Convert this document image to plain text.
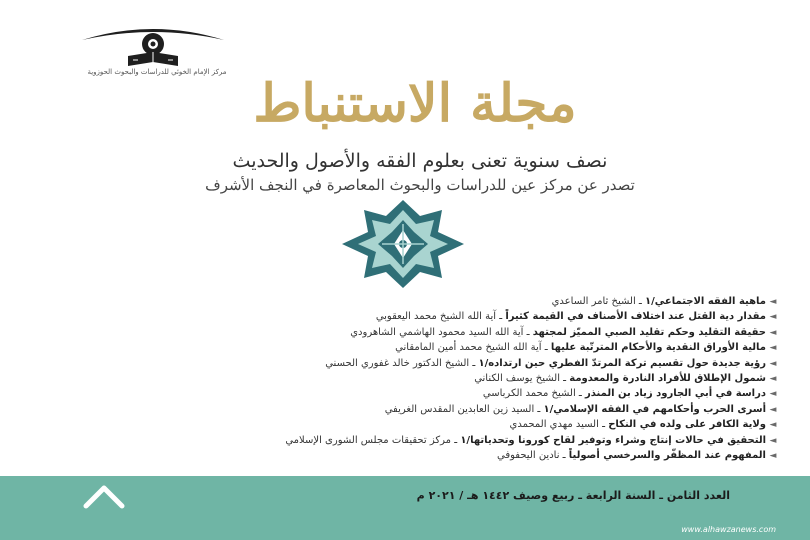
مركز الإمام الخوئي للدراسات والبحوث الحوزوية
مجلة الاستنباط
نصف سنوية تعنى بعلوم الفقه والأصول والحديث
تصدر عن مركز عين للدراسات والبحوث المعاصرة في النجف الأشرف
◄ماهية الفقه الاجتماعي/١ ـ الشيخ ثامر الساعدي
◄مقدار دية القتل عند اختلاف الأصناف في القيمة كثيراً ـ آية الله الشيخ محمد اليعقوبي
◄حقيقة التقليد وحكم تقليد الصبي المميّز لمجتهد ـ آية الله السيد محمود الهاشمي الشاهرودي
◄مالية الأوراق النقدية والأحكام المترتّبة عليها ـ آية الله الشيخ محمد أمين المامقاني
◄رؤية جديدة حول تقسيم تركة المرتدّ الفطري حين ارتداده/١ ـ الشيخ الدكتور خالد غفوري الحسني
◄شمول الإطلاق للأفراد النادرة والمعدومة ـ الشيخ يوسف الكناني
◄دراسة في أبي الجارود زياد بن المنذر ـ الشيخ محمد الكرباسي
◄أسرى الحرب وأحكامهم في الفقه الإسلامي/١ ـ السيد زين العابدين المقدس الغريفي
◄ولاية الكافر على ولده في النكاح ـ السيد مهدي المحمدي
◄التحقيق في حالات إنتاج وشراء وتوفير لقاح كورونا وتحدياتها/١ ـ مركز تحقيقات مجلس الشورى الإسلامي
◄المفهوم عند المظفّر والسرخسي أصولياً ـ نادين اليحفوفي
العدد الثامن ـ السنة الرابعة ـ ربيع وصيف ١٤٤٢ هـ / ٢٠٢١ م
www.alhawzanews.com
